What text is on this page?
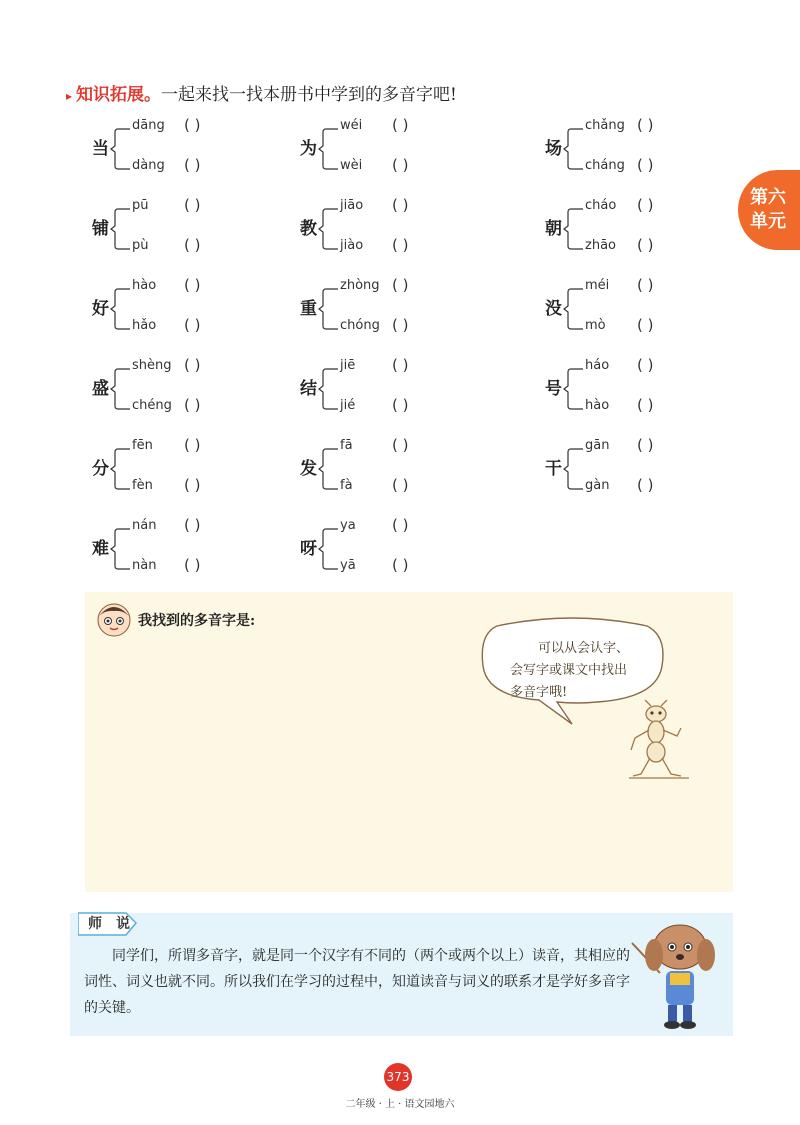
▸ 知识拓展。一起来找一找本册书中学到的多音字吧!
第六
单元
当
dāng ( )
dàng ( )
为
wéi ( )
wèi ( )
场
chǎng ( )
cháng ( )
铺
pū ( )
pù ( )
教
jiāo ( )
jiào ( )
朝
cháo ( )
zhāo ( )
好
hào ( )
hǎo ( )
重
zhòng ( )
chóng ( )
没
méi ( )
mò ( )
盛
shèng ( )
chéng ( )
结
jiē ( )
jié ( )
号
háo ( )
hào ( )
分
fēn ( )
fèn ( )
发
fā	( )
fà	( )
干
gān ( )
gàn ( )
难
nán ( )
nàn ( )
呀
ya ( )
yā ( )
我找到的多音字是:
可以从会认字、
会写字或课文中找出
多音字哦!
师说
同学们，所谓多音字，就是同一个汉字有不同的（两个或两个以上）读音，其相应的词性、词义也就不同。所以我们在学习的过程中，知道读音与词义的联系才是学好多音字的关键。
373
二年级 · 上 · 语文园地六
